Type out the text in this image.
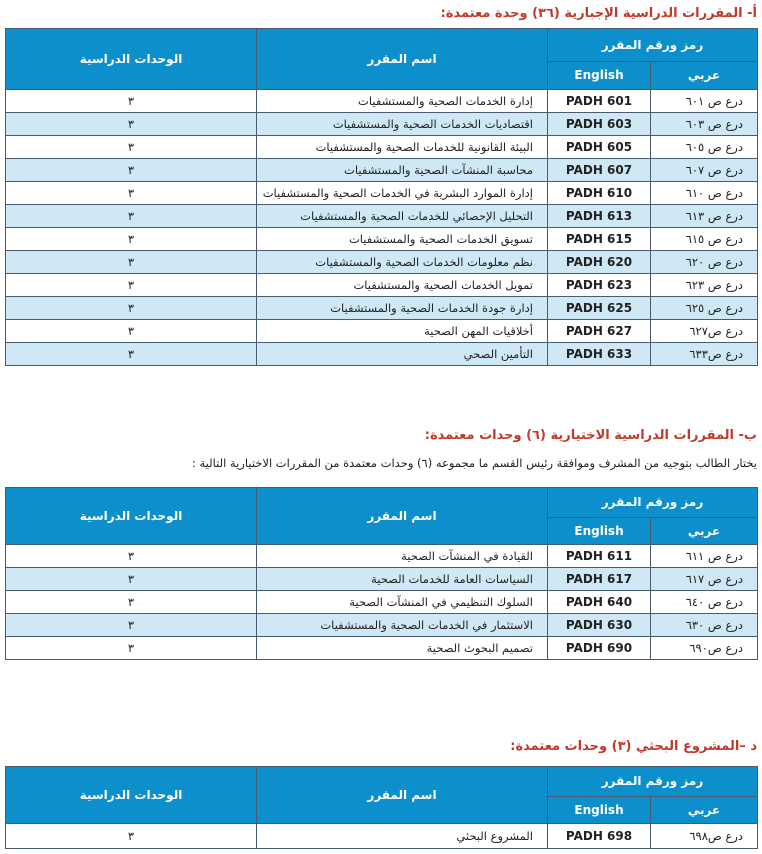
أ- المقررات الدراسية الإجبارية (٣٦) وحدة معتمدة:
رمز ورقم المقرر		اسم المقرر	الوحدات الدراسية
عربي	English		
درع ص ٦٠١	PADH 601	إدارة الخدمات الصحية والمستشفيات	٣
درع ص ٦٠٣	PADH 603	اقتصاديات الخدمات الصحية والمستشفيات	٣
درع ص ٦٠٥	PADH 605	البيئة القانونية للخدمات الصحية والمستشفيات	٣
درع ص ٦٠٧	PADH 607	محاسبة المنشآت الصحية والمستشفيات	٣
درع ص ٦١٠	PADH 610	إدارة الموارد البشرية في الخدمات الصحية والمستشفيات	٣
درع ص ٦١٣	PADH 613	التحليل الإحصائي للخدمات الصحية والمستشفيات	٣
درع ص ٦١٥	PADH 615	تسويق الخدمات الصحية والمستشفيات	٣
درع ص ٦٢٠	PADH 620	نظم معلومات الخدمات الصحية والمستشفيات	٣
درع ص ٦٢٣	PADH 623	تمويل الخدمات الصحية والمستشفيات	٣
درع ص ٦٢٥	PADH 625	إدارة جودة الخدمات الصحية والمستشفيات	٣
درع ص٦٢٧	PADH 627	أخلاقيات المهن الصحية	٣
درع ص٦٣٣	PADH 633	التأمين الصحي	٣
ب- المقررات الدراسية الاختيارية (٦) وحدات معتمدة:
يختار الطالب بتوجيه من المشرف وموافقة رئيس القسم ما مجموعه (٦) وحدات معتمدة من المقررات الاختيارية التالية :
رمز ورقم المقرر		اسم المقرر	الوحدات الدراسية
عربي	English		
درع ص ٦١١	PADH 611	القيادة في المنشآت الصحية	٣
درع ص ٦١٧	PADH 617	السياسات العامة للخدمات الصحية	٣
درع ص ٦٤٠	PADH 640	السلوك التنظيمي في المنشآت الصحية	٣
درع ص ٦٣٠	PADH 630	الاستثمار في الخدمات الصحية والمستشفيات	٣
درع ص٦٩٠	PADH 690	تصميم البحوث الصحية	٣
د –المشروع البحثي (٣) وحدات معتمدة:
رمز ورقم المقرر		اسم المقرر	الوحدات الدراسية
عربي	English		
درع ص٦٩٨	PADH 698	المشروع البحثي	٣
